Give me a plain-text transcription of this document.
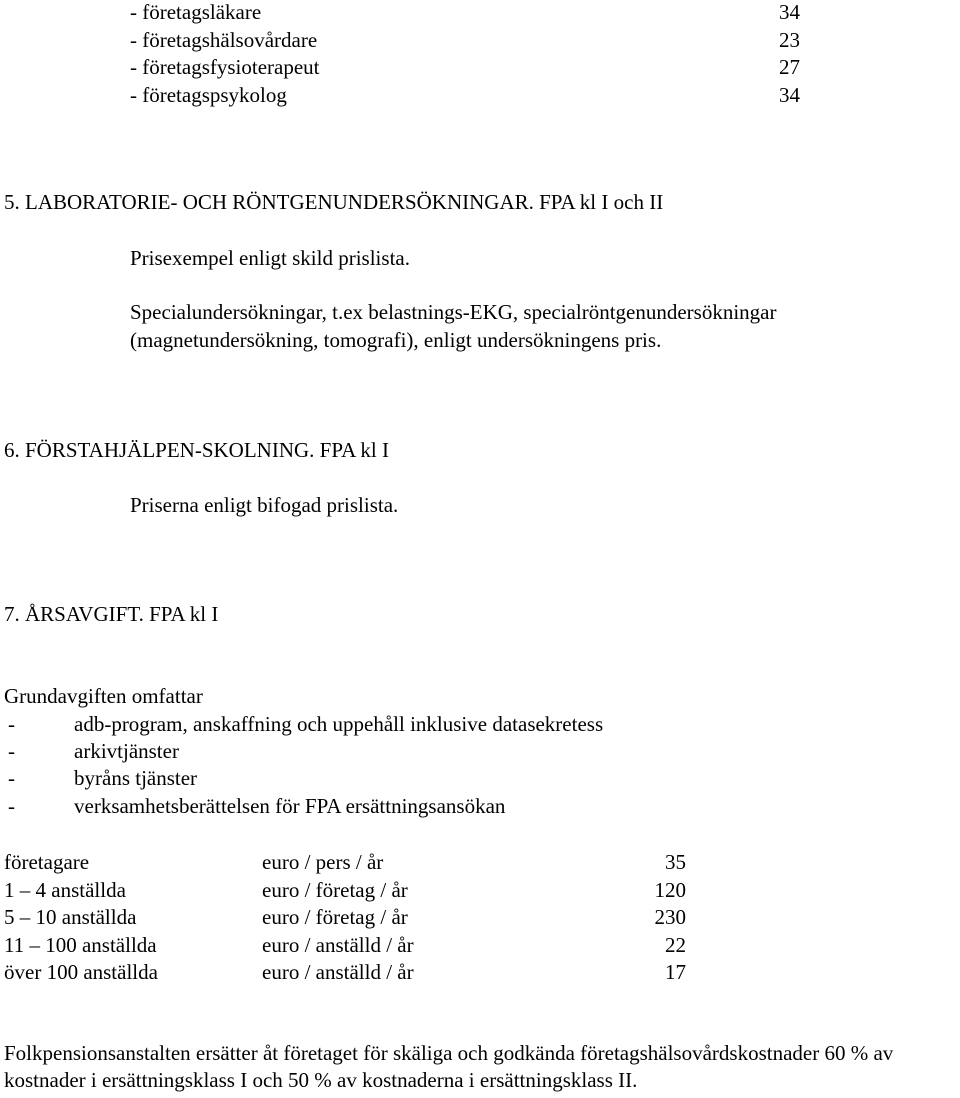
- företagsläkare	34
- företagshälsovårdare	23
- företagsfysioterapeut	27
- företagspsykolog	34
5. LABORATORIE- OCH RÖNTGENUNDERSÖKNINGAR. FPA kl I och II
Prisexempel enligt skild prislista.
Specialundersökningar, t.ex belastnings-EKG, specialröntgenundersökningar
(magnetundersökning, tomografi), enligt undersökningens pris.
6. FÖRSTAHJÄLPEN-SKOLNING. FPA kl I
Priserna enligt bifogad prislista.
7. ÅRSAVGIFT. FPA kl I
Grundavgiften omfattar
-	adb-program, anskaffning och uppehåll inklusive datasekretess
-	arkivtjänster
-	byråns tjänster
-	verksamhetsberättelsen för FPA ersättningsansökan
företagare	euro / pers / år	35
1 – 4 anställda	euro / företag / år	120
5 – 10 anställda	euro / företag / år	230
11 – 100 anställda	euro / anställd / år	22
över 100 anställda	euro / anställd / år	17
Folkpensionsanstalten ersätter åt företaget för skäliga och godkända företagshälsovårdskostnader 60 % av kostnader i ersättningsklass I och 50 % av kostnaderna i ersättningsklass II.
